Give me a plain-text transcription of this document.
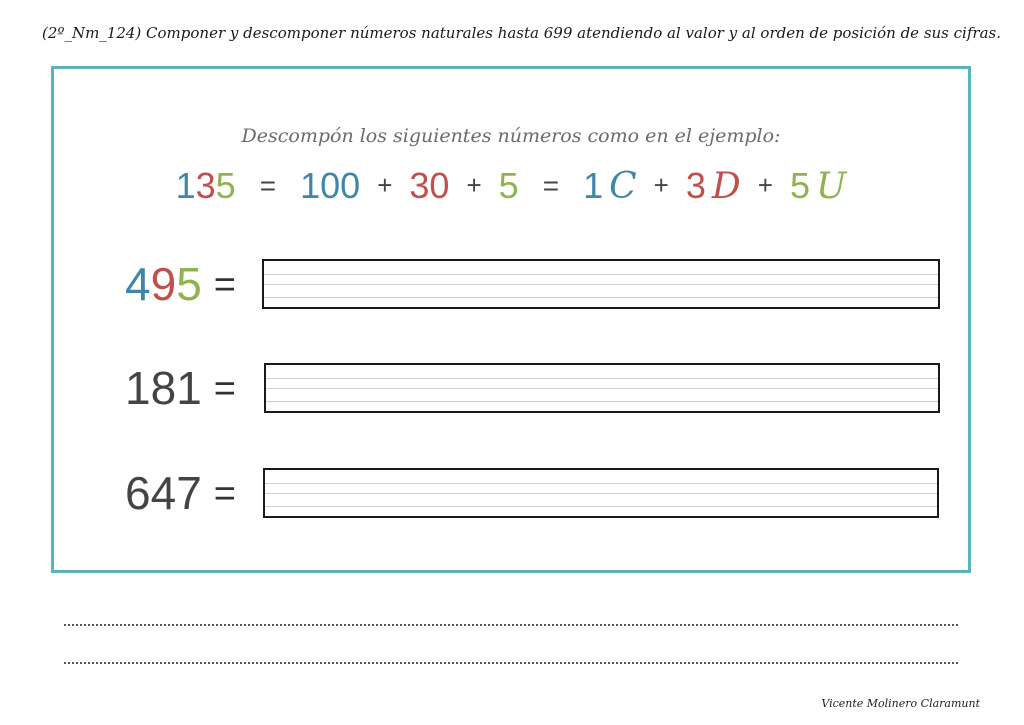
(2º_Nm_124) Componer y descomponer números naturales hasta 699 atendiendo al valor y al orden de posición de sus cifras.
Descompón los siguientes números como en el ejemplo:
135 = 100 + 30 + 5 = 1 C + 3 D + 5 U
495 =
181 =
647 =
Vicente Molinero Claramunt
